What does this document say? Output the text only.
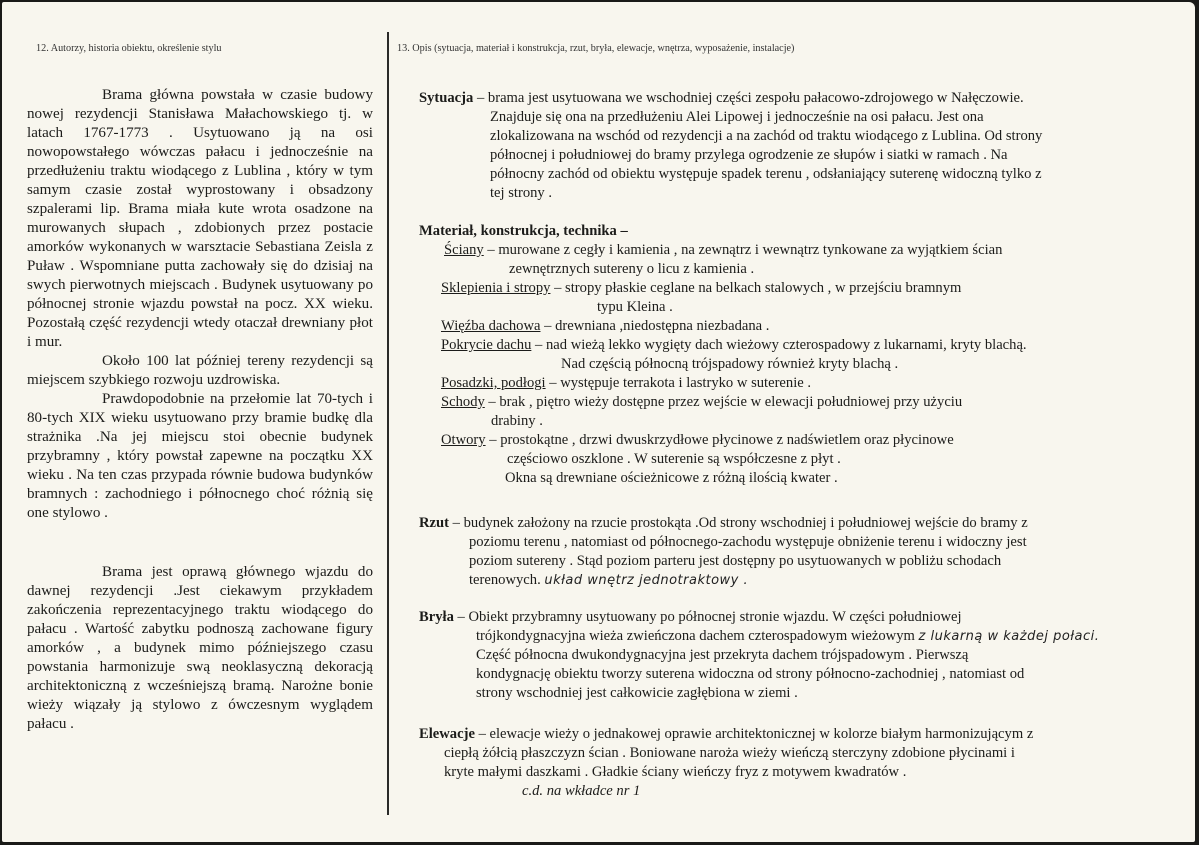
12. Autorzy, historia obiektu, określenie stylu

Brama główna powstała w czasie budowy nowej rezydencji Stanisława Małachowskiego tj. w latach 1767-1773 . Usytuowano ją na osi nowopowstałego wówczas pałacu i jednocześnie na przedłużeniu traktu wiodącego z Lublina , który w tym samym czasie został wyprostowany i obsadzony szpalerami lip. Brama miała kute wrota osadzone na murowanych słupach , zdobionych przez postacie amorków wykonanych w warsztacie Sebastiana Zeisla z Puław . Wspomniane putta zachowały się do dzisiaj na swych pierwotnych miejscach . Budynek usytuowany po północnej stronie wjazdu powstał na pocz. XX wieku. Pozostałą część rezydencji wtedy otaczał drewniany płot i mur.

Około 100 lat później tereny rezydencji są miejscem szybkiego rozwoju uzdrowiska.

Prawdopodobnie na przełomie lat 70-tych i 80-tych XIX wieku usytuowano przy bramie budkę dla strażnika .Na jej miejscu stoi obecnie budynek przybramny , który powstał zapewne na początku XX wieku . Na ten czas przypada równie budowa budynków bramnych : zachodniego i północnego choć różnią się one stylowo .

Brama jest oprawą głównego wjazdu do dawnej rezydencji .Jest ciekawym przykładem zakończenia reprezentacyjnego traktu wiodącego do pałacu . Wartość zabytku podnoszą zachowane figury amorków , a budynek mimo późniejszego czasu powstania harmonizuje swą neoklasyczną dekoracją architektoniczną z wcześniejszą bramą. Narożne bonie wieży wiązały ją stylowo z ówczesnym wyglądem pałacu .

13. Opis (sytuacja, materiał i konstrukcja, rzut, bryła, elewacje, wnętrza, wyposażenie, instalacje)
Sytuacja – brama jest usytuowana we wschodniej części zespołu pałacowo-zdrojowego w Nałęczowie.
Znajduje się ona na przedłużeniu Alei Lipowej i jednocześnie na osi pałacu. Jest ona
zlokalizowana na wschód od rezydencji a na zachód od traktu wiodącego z Lublina. Od strony
północnej i południowej do bramy przylega ogrodzenie ze słupów i siatki w ramach . Na
północny zachód od obiektu występuje spadek terenu , odsłaniający suterenę widoczną tylko z
tej strony .
Materiał, konstrukcja, technika –
Ściany – murowane z cegły i kamienia , na zewnątrz i wewnątrz tynkowane za wyjątkiem ścian
zewnętrznych sutereny o licu z kamienia .
Sklepienia i stropy – stropy płaskie ceglane na belkach stalowych , w przejściu bramnym
typu Kleina .
Więźba dachowa – drewniana ,niedostępna niezbadana .
Pokrycie dachu – nad wieżą lekko wygięty dach wieżowy czterospadowy z lukarnami, kryty blachą.
Nad częścią północną trójspadowy również kryty blachą .
Posadzki, podłogi – występuje terrakota i lastryko w suterenie .
Schody – brak , piętro wieży dostępne przez wejście w elewacji południowej przy użyciu
drabiny .
Otwory – prostokątne , drzwi dwuskrzydłowe płycinowe z nadświetlem oraz płycinowe
częściowo oszklone . W suterenie są współczesne z płyt .
Okna są drewniane ościeżnicowe z różną ilością kwater .
Rzut – budynek założony na rzucie prostokąta .Od strony wschodniej i południowej wejście do bramy z
poziomu terenu , natomiast od północnego-zachodu występuje obniżenie terenu i widoczny jest
poziom sutereny . Stąd poziom parteru jest dostępny po usytuowanych w pobliżu schodach
terenowych. układ wnętrz jednotraktowy .
Bryła – Obiekt przybramny usytuowany po północnej stronie wjazdu. W części południowej
trójkondygnacyjna wieża zwieńczona dachem czterospadowym wieżowym z lukarną w każdej połaci.
Część północna dwukondygnacyjna jest przekryta dachem trójspadowym . Pierwszą
kondygnację obiektu tworzy suterena widoczna od strony północno-zachodniej , natomiast od
strony wschodniej jest całkowicie zagłębiona w ziemi .
Elewacje – elewacje wieży o jednakowej oprawie architektonicznej w kolorze białym harmonizującym z
ciepłą żółcią płaszczyzn ścian . Boniowane naroża wieży wieńczą sterczyny zdobione płycinami i
kryte małymi daszkami . Gładkie ściany wieńczy fryz z motywem kwadratów .
c.d. na wkładce nr 1
